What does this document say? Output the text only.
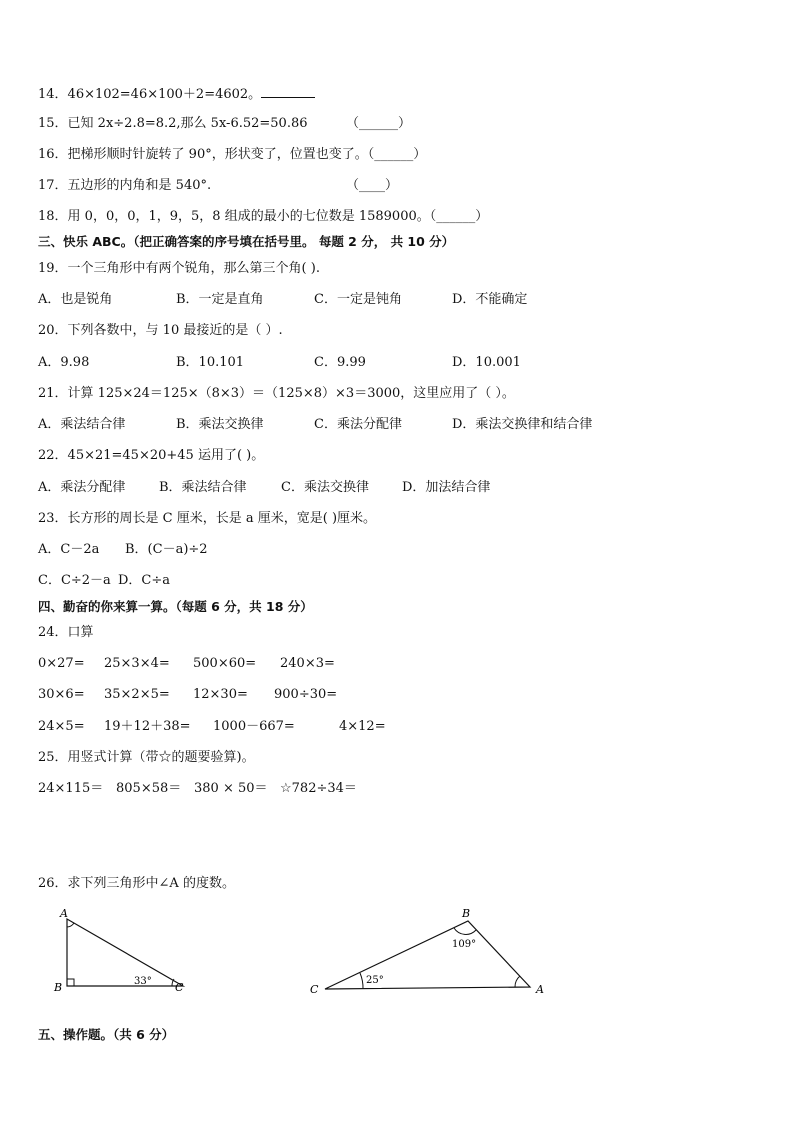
14．46×102=46×100＋2=4602。
15．已知 2x÷2.8=8.2,那么 5x-6.52=50.86	（______）
16．把梯形顺时针旋转了 90°，形状变了，位置也变了。（______）
17．五边形的内角和是 540°.	（____）
18．用 0，0，0，1，9，5，8 组成的最小的七位数是 1589000。（______）
三、快乐 ABC。（把正确答案的序号填在括号里。 每题 2 分， 共 10 分）
19．一个三角形中有两个锐角，那么第三个角( ).
A．也是锐角	B．一定是直角	C．一定是钝角	D．不能确定
20．下列各数中，与 10 最接近的是（ ）.
A．9.98	B．10.101	C．9.99	D．10.001
21．计算 125×24＝125×（8×3）＝（125×8）×3＝3000，这里应用了（ ）。
A．乘法结合律	B．乘法交换律	C．乘法分配律	D．乘法交换律和结合律
22．45×21=45×20+45 运用了( )。
A．乘法分配律	B．乘法结合律	C．乘法交换律	D．加法结合律
23．长方形的周长是 C 厘米，长是 a 厘米，宽是( )厘米。
A．C－2a B．(C－a)÷2
C．C÷2－a D．C÷a
四、勤奋的你来算一算。（每题 6 分，共 18 分）
24．口算
0×27= 25×3×4= 500×60= 240×3=
30×6= 35×2×5= 12×30= 900÷30=
24×5= 19＋12＋38= 1000－667=	4×12=
25．用竖式计算（带☆的题要验算)。
24×115＝ 805×58＝ 380 × 50＝ ☆782÷34＝
26．求下列三角形中∠A 的度数。
A
B	C
33°
B
C	A
109°
25°
五、操作题。（共 6 分）
